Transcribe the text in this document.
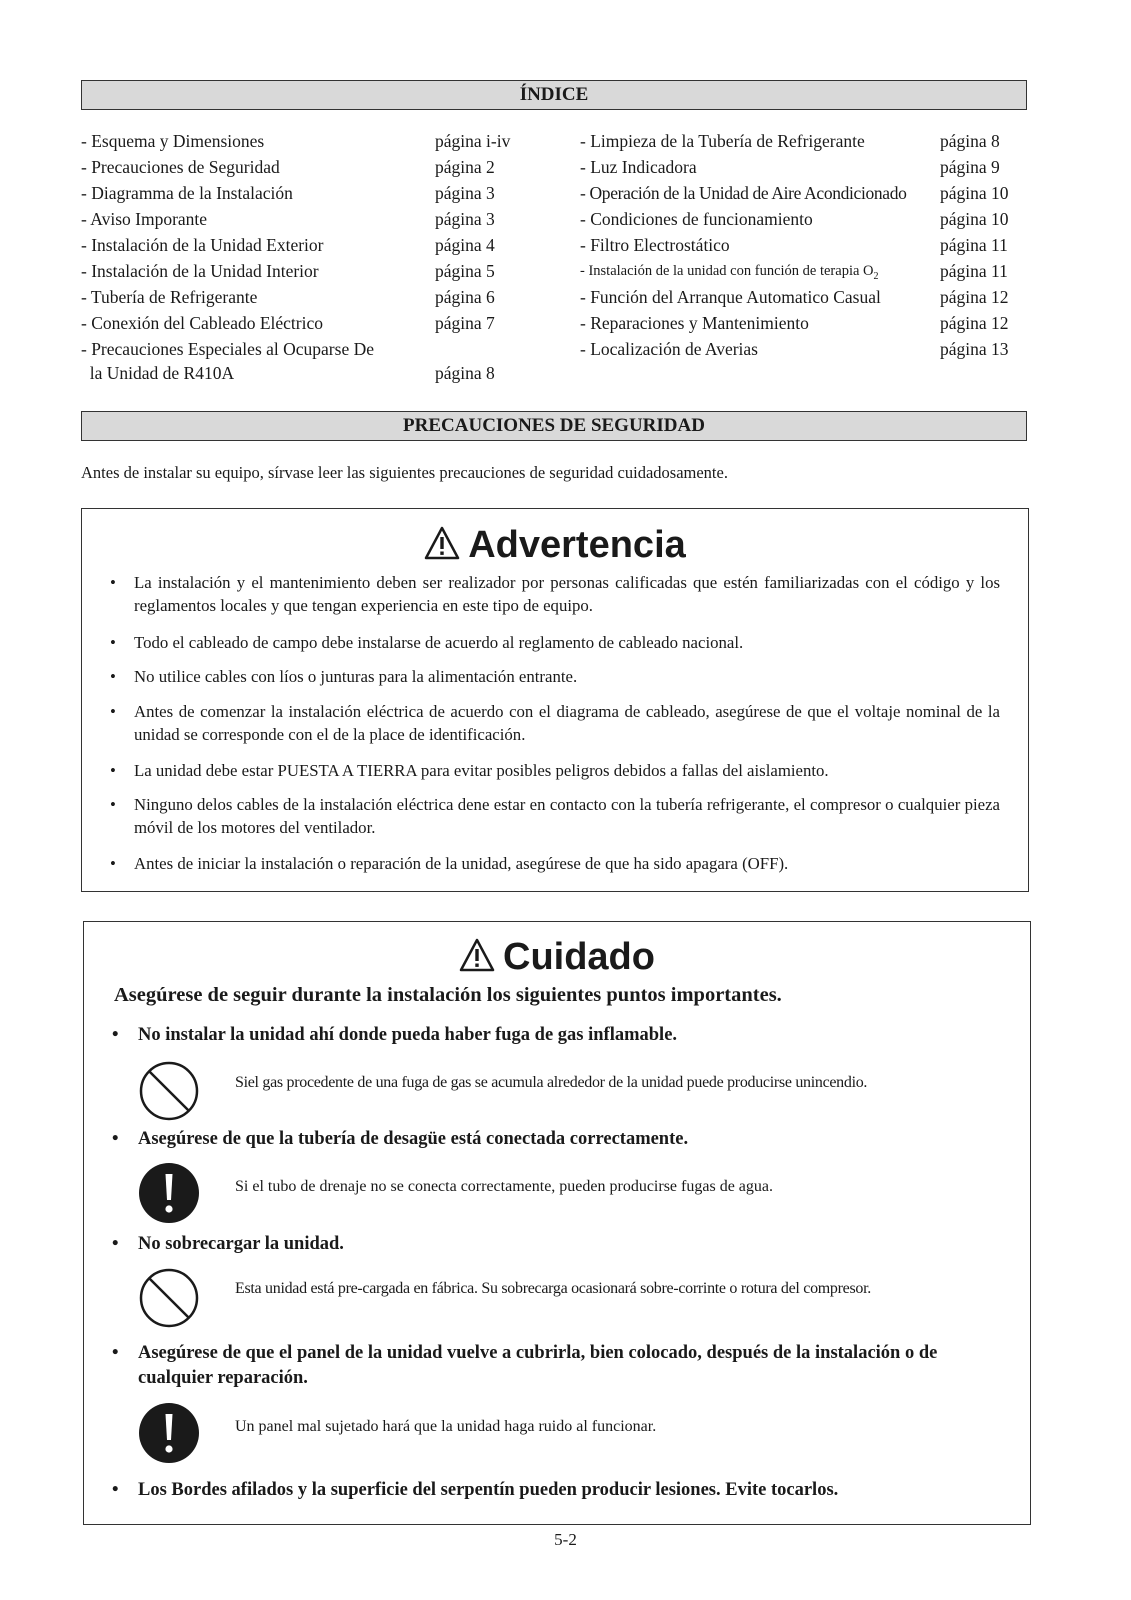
ÍNDICE
- Esquema y Dimensiones	página i-iv
- Precauciones de Seguridad	página 2
- Diagramma de la Instalación	página 3
- Aviso Imporante	página 3
- Instalación de la Unidad Exterior	página 4
- Instalación de la Unidad Interior	página 5
- Tubería de Refrigerante	página 6
- Conexión del Cableado Eléctrico	página 7
- Precauciones Especiales al Ocuparse De
la Unidad de R410A	página 8
- Limpieza de la Tubería de Refrigerante	página 8
- Luz Indicadora	página 9
- Operación de la Unidad de Aire Acondicionado página 10
- Condiciones de funcionamiento	página 10
- Filtro Electrostático	página 11
- Instalación de la unidad con función de terapia $O_2$	página 11
- Función del Arranque Automatico Casual	página 12
- Reparaciones y Mantenimiento	página 12
- Localización de Averias	página 13
PRECAUCIONES DE SEGURIDAD
Antes de instalar su equipo, sírvase leer las siguientes precauciones de seguridad cuidadosamente.
Advertencia
• La instalación y el mantenimiento deben ser realizador por personas calificadas que estén familiarizadas con el código y los reglamentos locales y que tengan experiencia en este tipo de equipo.
• Todo el cableado de campo debe instalarse de acuerdo al reglamento de cableado nacional.
• No utilice cables con líos o junturas para la alimentación entrante.
• Antes de comenzar la instalación eléctrica de acuerdo con el diagrama de cableado, asegúrese de que el voltaje nominal de la unidad se corresponde con el de la place de identificación.
• La unidad debe estar PUESTA A TIERRA para evitar posibles peligros debidos a fallas del aislamiento.
• Ninguno delos cables de la instalación eléctrica dene estar en contacto con la tubería refrigerante, el compresor o cualquier pieza móvil de los motores del ventilador.
• Antes de iniciar la instalación o reparación de la unidad, asegúrese de que ha sido apagara (OFF).
Cuidado
Asegúrese de seguir durante la instalación los siguientes puntos importantes.
• No instalar la unidad ahí donde pueda haber fuga de gas inflamable.
Siel gas procedente de una fuga de gas se acumula alrededor de la unidad puede producirse unincendio.
• Asegúrese de que la tubería de desagüe está conectada correctamente.
Si el tubo de drenaje no se conecta correctamente, pueden producirse fugas de agua.
• No sobrecargar la unidad.
Esta unidad está pre-cargada en fábrica. Su sobrecarga ocasionará sobre-corrinte o rotura del compresor.
• Asegúrese de que el panel de la unidad vuelve a cubrirla, bien colocado, después de la instalación o de cualquier reparación.
Un panel mal sujetado hará que la unidad haga ruido al funcionar.
• Los Bordes afilados y la superficie del serpentín pueden producir lesiones. Evite tocarlos.
5-2
